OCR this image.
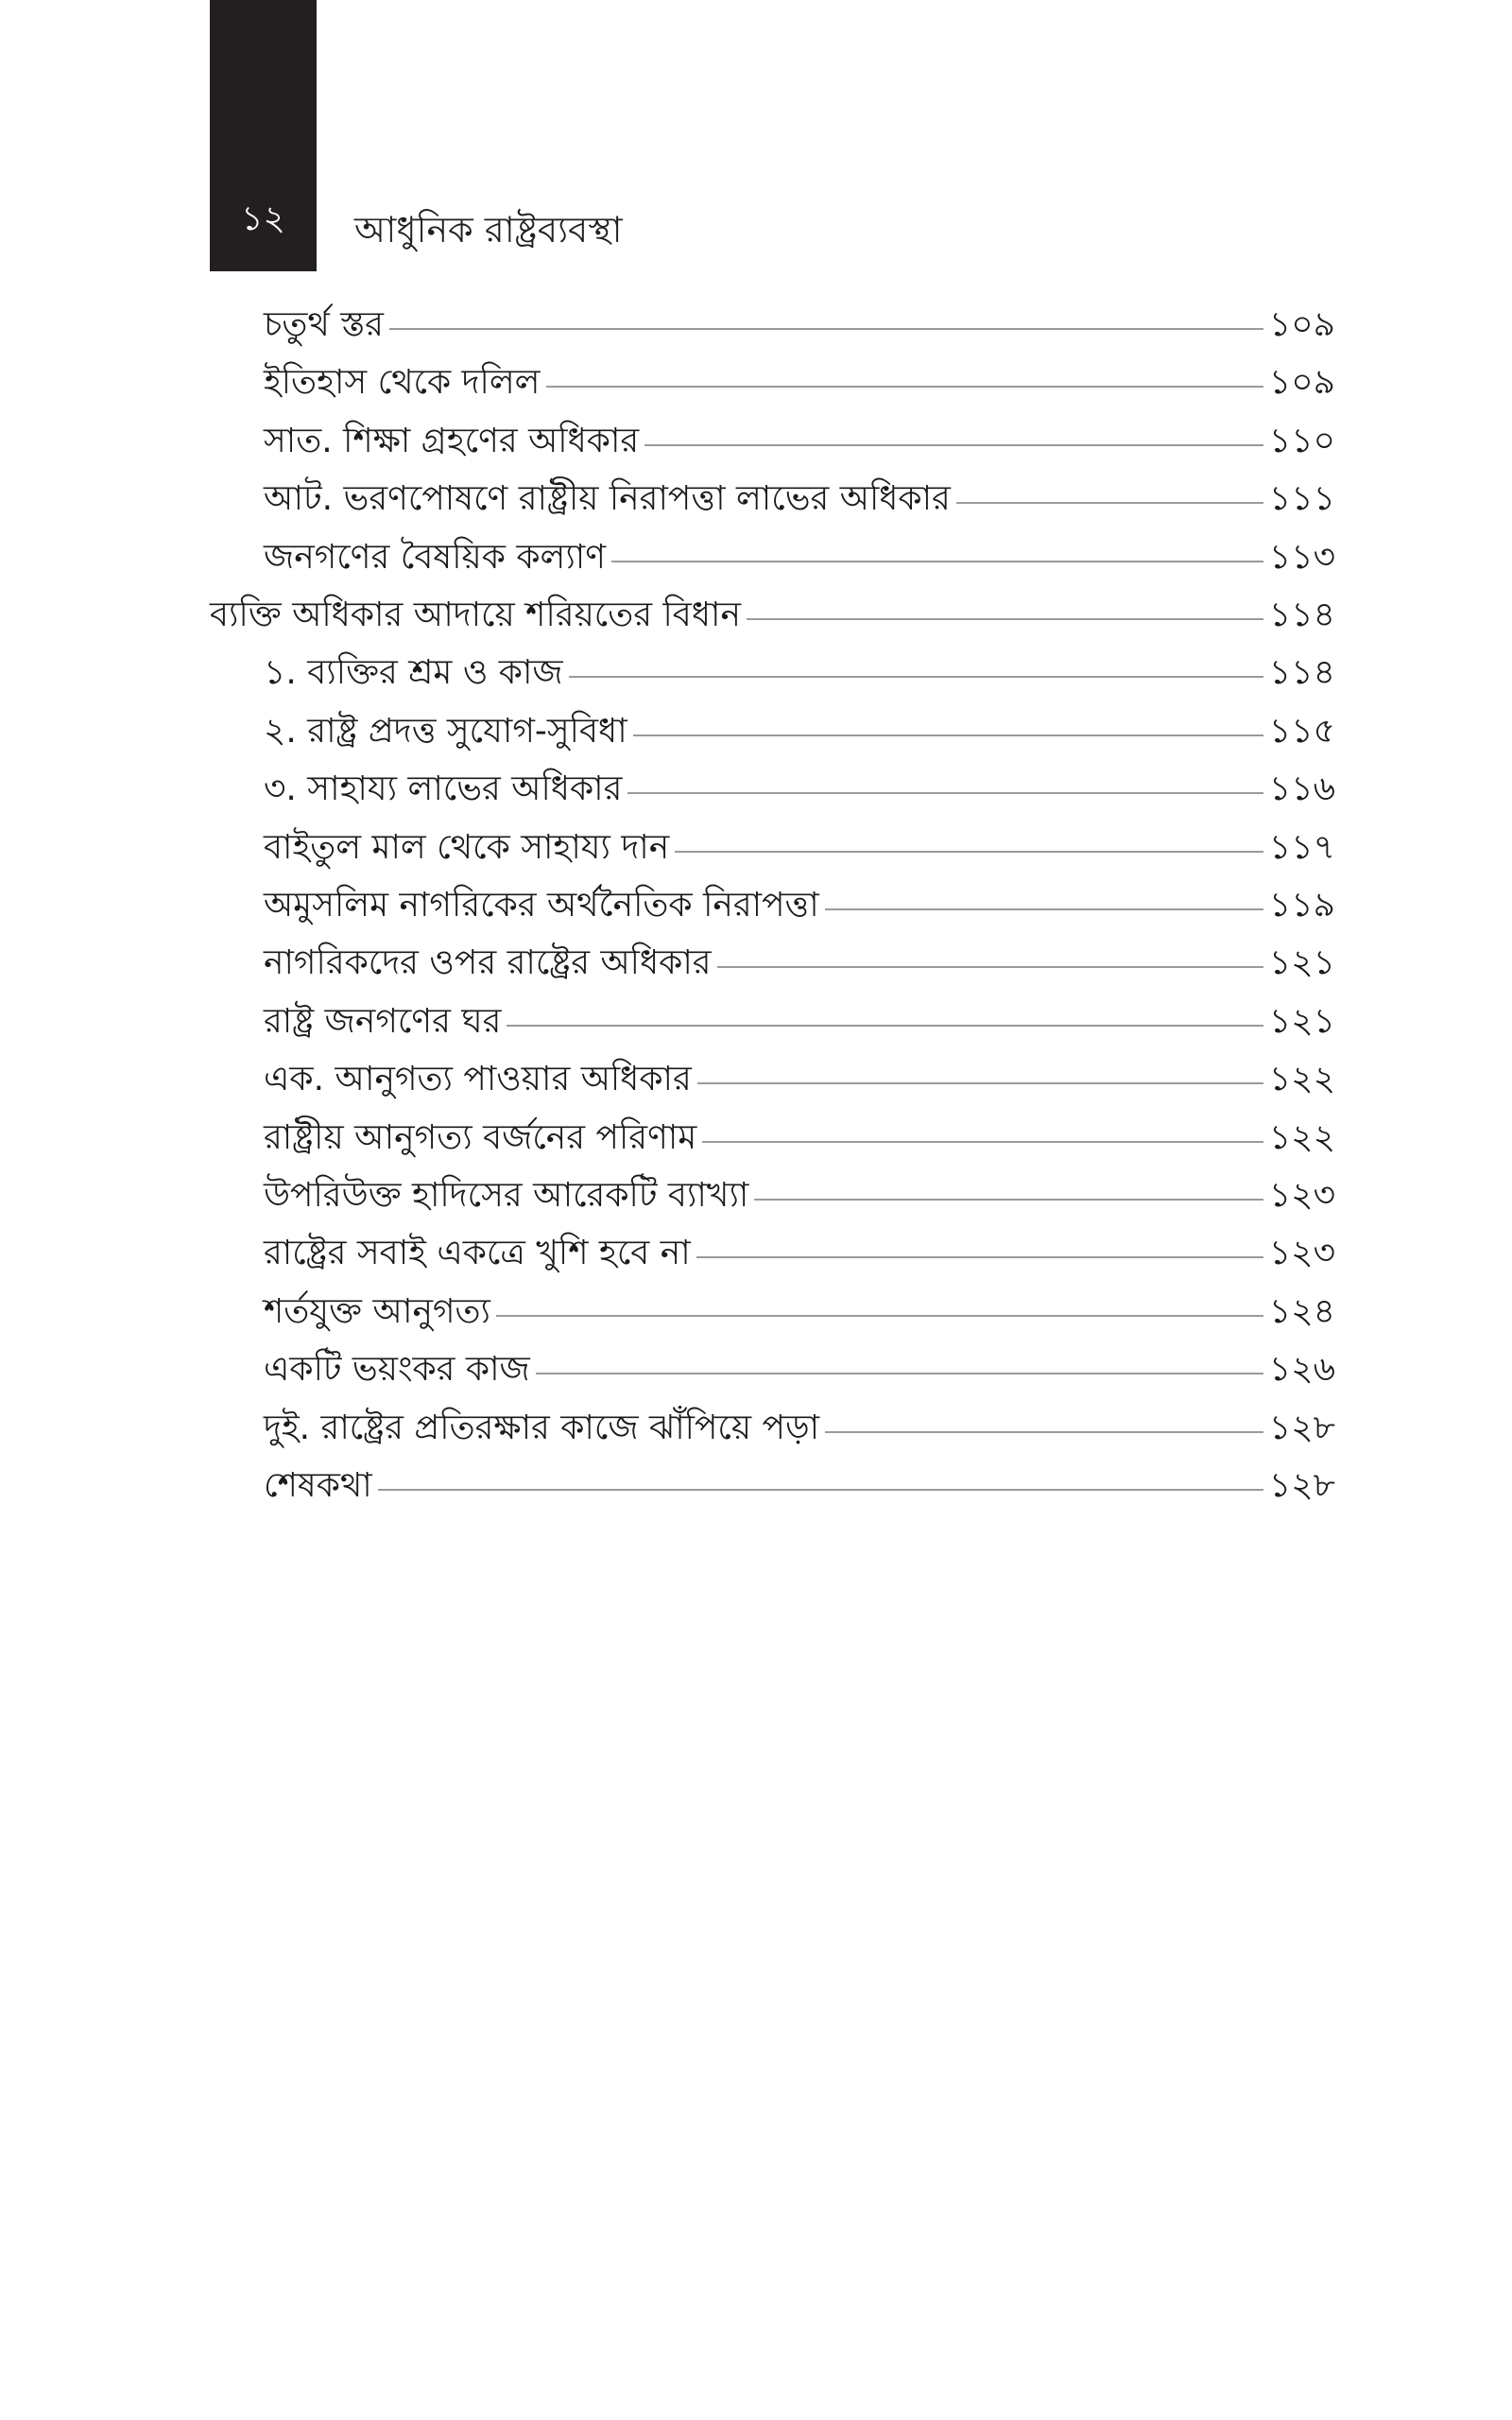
১২	আধুনিক রাষ্ট্রব্যবস্থা
চতুর্থ স্তর	১০৯
ইতিহাস থেকে দলিল	১০৯
সাত. শিক্ষা গ্রহণের অধিকার	১১০
আট. ভরণপোষণে রাষ্ট্রীয় নিরাপত্তা লাভের অধিকার	১১১
জনগণের বৈষয়িক কল্যাণ	১১৩
ব্যক্তি অধিকার আদায়ে শরিয়তের বিধান	১১৪
১. ব্যক্তির শ্রম ও কাজ	১১৪
২. রাষ্ট্র প্রদত্ত সুযোগ-সুবিধা	১১৫
৩. সাহায্য লাভের অধিকার	১১৬
বাইতুল মাল থেকে সাহায্য দান	১১৭
অমুসলিম নাগরিকের অর্থনৈতিক নিরাপত্তা	১১৯
নাগরিকদের ওপর রাষ্ট্রের অধিকার	১২১
রাষ্ট্র জনগণের ঘর	১২১
এক. আনুগত্য পাওয়ার অধিকার	১২২
রাষ্ট্রীয় আনুগত্য বর্জনের পরিণাম	১২২
উপরিউক্ত হাদিসের আরেকটি ব্যাখ্যা	১২৩
রাষ্ট্রের সবাই একত্রে খুশি হবে না	১২৩
শর্তযুক্ত আনুগত্য	১২৪
একটি ভয়ংকর কাজ	১২৬
দুই. রাষ্ট্রের প্রতিরক্ষার কাজে ঝাঁপিয়ে পড়া	১২৮
শেষকথা	১২৮
